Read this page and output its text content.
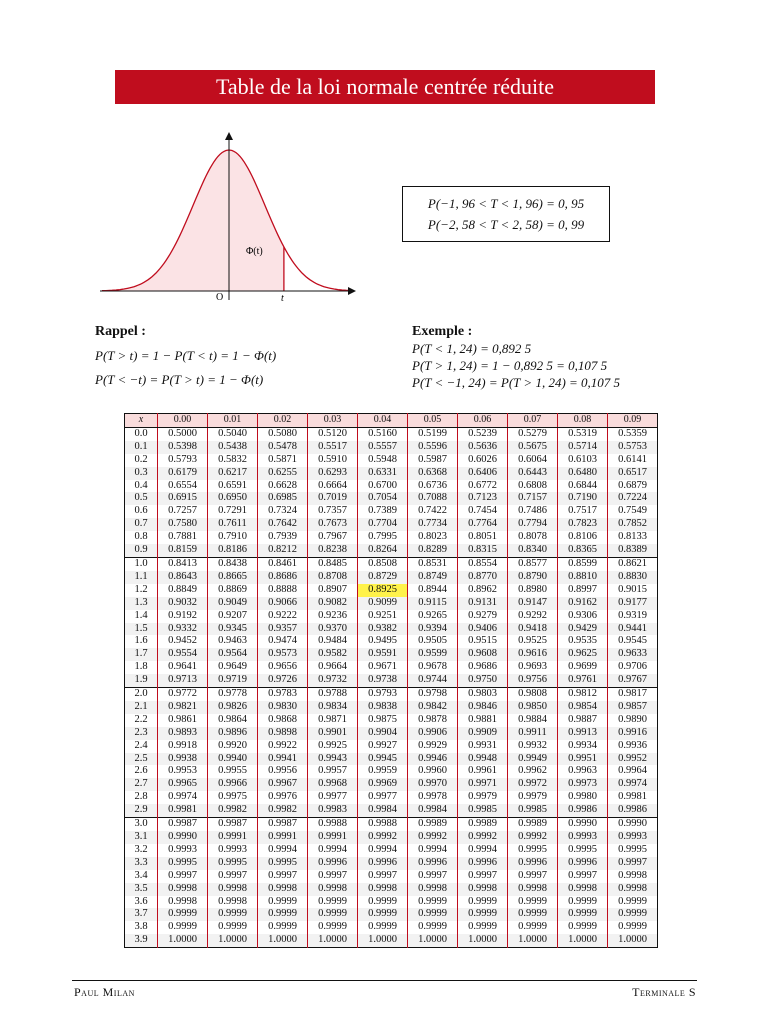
Table de la loi normale centrée réduite
O	t
Φ(t)
P(−1, 96 < T < 1, 96) = 0, 95
P(−2, 58 < T < 2, 58) = 0, 99
Rappel :
P(T > t) = 1 − P(T < t) = 1 − Φ(t)
P(T < −t) = P(T > t) = 1 − Φ(t)
Exemple :
P(T < 1, 24) = 0,892 5
P(T > 1, 24) = 1 − 0,892 5 = 0,107 5
P(T < −1, 24) = P(T > 1, 24) = 0,107 5
x	0.00	0.01	0.02	0.03	0.04	0.05	0.06	0.07	0.08	0.09
0.0	0.5000	0.5040	0.5080	0.5120	0.5160	0.5199	0.5239	0.5279	0.5319	0.5359
0.1	0.5398	0.5438	0.5478	0.5517	0.5557	0.5596	0.5636	0.5675	0.5714	0.5753
0.2	0.5793	0.5832	0.5871	0.5910	0.5948	0.5987	0.6026	0.6064	0.6103	0.6141
0.3	0.6179	0.6217	0.6255	0.6293	0.6331	0.6368	0.6406	0.6443	0.6480	0.6517
0.4	0.6554	0.6591	0.6628	0.6664	0.6700	0.6736	0.6772	0.6808	0.6844	0.6879
0.5	0.6915	0.6950	0.6985	0.7019	0.7054	0.7088	0.7123	0.7157	0.7190	0.7224
0.6	0.7257	0.7291	0.7324	0.7357	0.7389	0.7422	0.7454	0.7486	0.7517	0.7549
0.7	0.7580	0.7611	0.7642	0.7673	0.7704	0.7734	0.7764	0.7794	0.7823	0.7852
0.8	0.7881	0.7910	0.7939	0.7967	0.7995	0.8023	0.8051	0.8078	0.8106	0.8133
0.9	0.8159	0.8186	0.8212	0.8238	0.8264	0.8289	0.8315	0.8340	0.8365	0.8389
1.0	0.8413	0.8438	0.8461	0.8485	0.8508	0.8531	0.8554	0.8577	0.8599	0.8621
1.1	0.8643	0.8665	0.8686	0.8708	0.8729	0.8749	0.8770	0.8790	0.8810	0.8830
1.2	0.8849	0.8869	0.8888	0.8907	0.8925	0.8944	0.8962	0.8980	0.8997	0.9015
1.3	0.9032	0.9049	0.9066	0.9082	0.9099	0.9115	0.9131	0.9147	0.9162	0.9177
1.4	0.9192	0.9207	0.9222	0.9236	0.9251	0.9265	0.9279	0.9292	0.9306	0.9319
1.5	0.9332	0.9345	0.9357	0.9370	0.9382	0.9394	0.9406	0.9418	0.9429	0.9441
1.6	0.9452	0.9463	0.9474	0.9484	0.9495	0.9505	0.9515	0.9525	0.9535	0.9545
1.7	0.9554	0.9564	0.9573	0.9582	0.9591	0.9599	0.9608	0.9616	0.9625	0.9633
1.8	0.9641	0.9649	0.9656	0.9664	0.9671	0.9678	0.9686	0.9693	0.9699	0.9706
1.9	0.9713	0.9719	0.9726	0.9732	0.9738	0.9744	0.9750	0.9756	0.9761	0.9767
2.0	0.9772	0.9778	0.9783	0.9788	0.9793	0.9798	0.9803	0.9808	0.9812	0.9817
2.1	0.9821	0.9826	0.9830	0.9834	0.9838	0.9842	0.9846	0.9850	0.9854	0.9857
2.2	0.9861	0.9864	0.9868	0.9871	0.9875	0.9878	0.9881	0.9884	0.9887	0.9890
2.3	0.9893	0.9896	0.9898	0.9901	0.9904	0.9906	0.9909	0.9911	0.9913	0.9916
2.4	0.9918	0.9920	0.9922	0.9925	0.9927	0.9929	0.9931	0.9932	0.9934	0.9936
2.5	0.9938	0.9940	0.9941	0.9943	0.9945	0.9946	0.9948	0.9949	0.9951	0.9952
2.6	0.9953	0.9955	0.9956	0.9957	0.9959	0.9960	0.9961	0.9962	0.9963	0.9964
2.7	0.9965	0.9966	0.9967	0.9968	0.9969	0.9970	0.9971	0.9972	0.9973	0.9974
2.8	0.9974	0.9975	0.9976	0.9977	0.9977	0.9978	0.9979	0.9979	0.9980	0.9981
2.9	0.9981	0.9982	0.9982	0.9983	0.9984	0.9984	0.9985	0.9985	0.9986	0.9986
3.0	0.9987	0.9987	0.9987	0.9988	0.9988	0.9989	0.9989	0.9989	0.9990	0.9990
3.1	0.9990	0.9991	0.9991	0.9991	0.9992	0.9992	0.9992	0.9992	0.9993	0.9993
3.2	0.9993	0.9993	0.9994	0.9994	0.9994	0.9994	0.9994	0.9995	0.9995	0.9995
3.3	0.9995	0.9995	0.9995	0.9996	0.9996	0.9996	0.9996	0.9996	0.9996	0.9997
3.4	0.9997	0.9997	0.9997	0.9997	0.9997	0.9997	0.9997	0.9997	0.9997	0.9998
3.5	0.9998	0.9998	0.9998	0.9998	0.9998	0.9998	0.9998	0.9998	0.9998	0.9998
3.6	0.9998	0.9998	0.9999	0.9999	0.9999	0.9999	0.9999	0.9999	0.9999	0.9999
3.7	0.9999	0.9999	0.9999	0.9999	0.9999	0.9999	0.9999	0.9999	0.9999	0.9999
3.8	0.9999	0.9999	0.9999	0.9999	0.9999	0.9999	0.9999	0.9999	0.9999	0.9999
3.9	1.0000	1.0000	1.0000	1.0000	1.0000	1.0000	1.0000	1.0000	1.0000	1.0000
Paul Milan	Terminale S
